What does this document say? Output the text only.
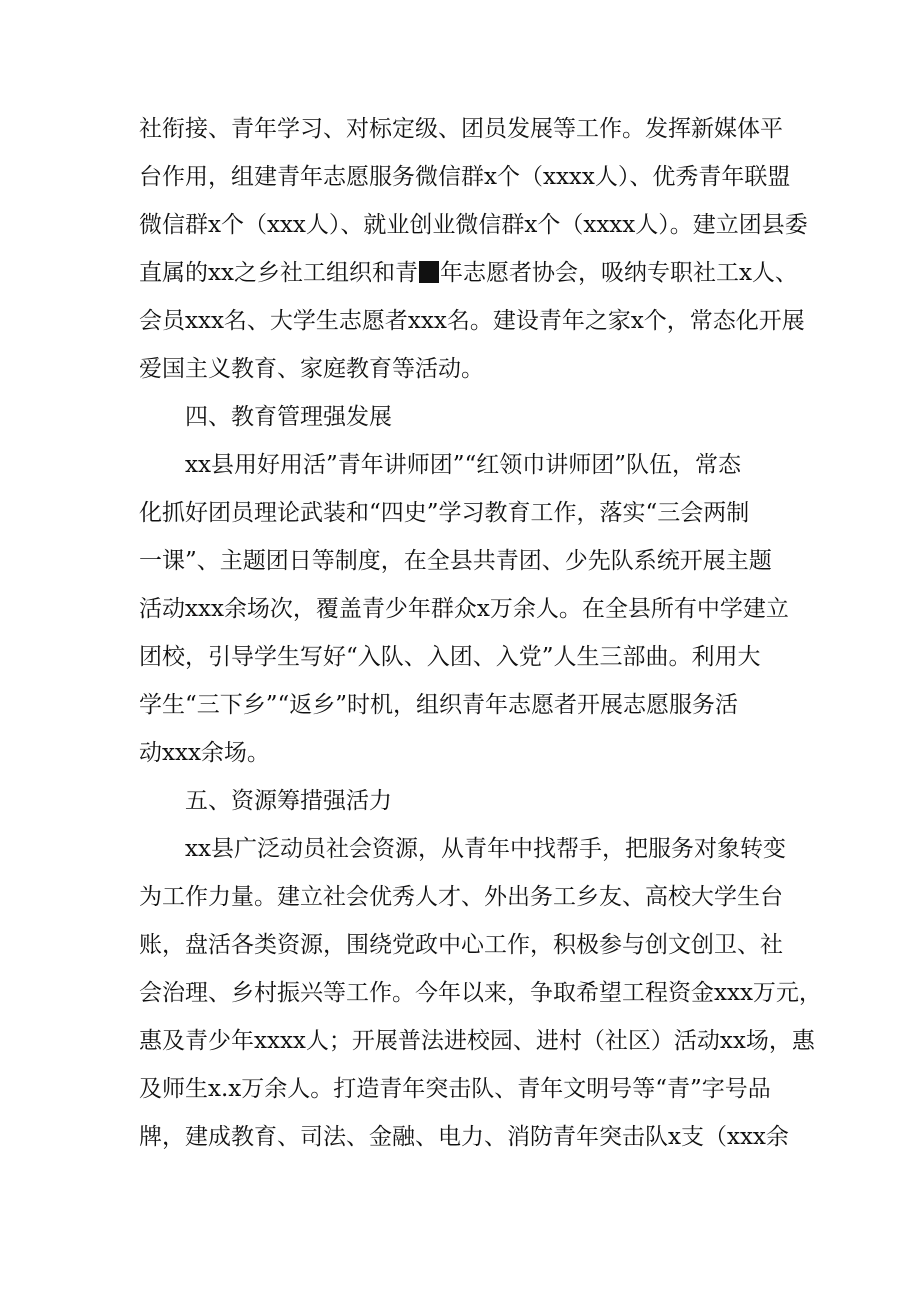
社衔接、青年学习、对标定级、团员发展等工作。发挥新媒体平
台作用，组建青年志愿服务微信群x个（xxxx人）、优秀青年联盟
微信群x个（xxx人）、就业创业微信群x个（xxxx人）。建立团县委
直属的xx之乡社工组织和青 年志愿者协会，吸纳专职社工x人、
会员xxx名、大学生志愿者xxx名。建设青年之家x个，常态化开展
爱国主义教育、家庭教育等活动。
四、教育管理强发展
xx县用好用活”青年讲师团”“红领巾讲师团”队伍，常态
化抓好团员理论武装和“四史”学习教育工作，落实“三会两制
一课”、主题团日等制度，在全县共青团、少先队系统开展主题
活动xxx余场次，覆盖青少年群众x万余人。在全县所有中学建立
团校，引导学生写好“入队、入团、入党”人生三部曲。利用大
学生“三下乡”“返乡”时机，组织青年志愿者开展志愿服务活
动xxx余场。
五、资源筹措强活力
xx县广泛动员社会资源，从青年中找帮手，把服务对象转变
为工作力量。建立社会优秀人才、外出务工乡友、高校大学生台
账，盘活各类资源，围绕党政中心工作，积极参与创文创卫、社
会治理、乡村振兴等工作。今年以来，争取希望工程资金xxx万元，
惠及青少年xxxx人；开展普法进校园、进村（社区）活动xx场，惠
及师生x.x万余人。打造青年突击队、青年文明号等“青”字号品
牌，建成教育、司法、金融、电力、消防青年突击队x支（xxx余
